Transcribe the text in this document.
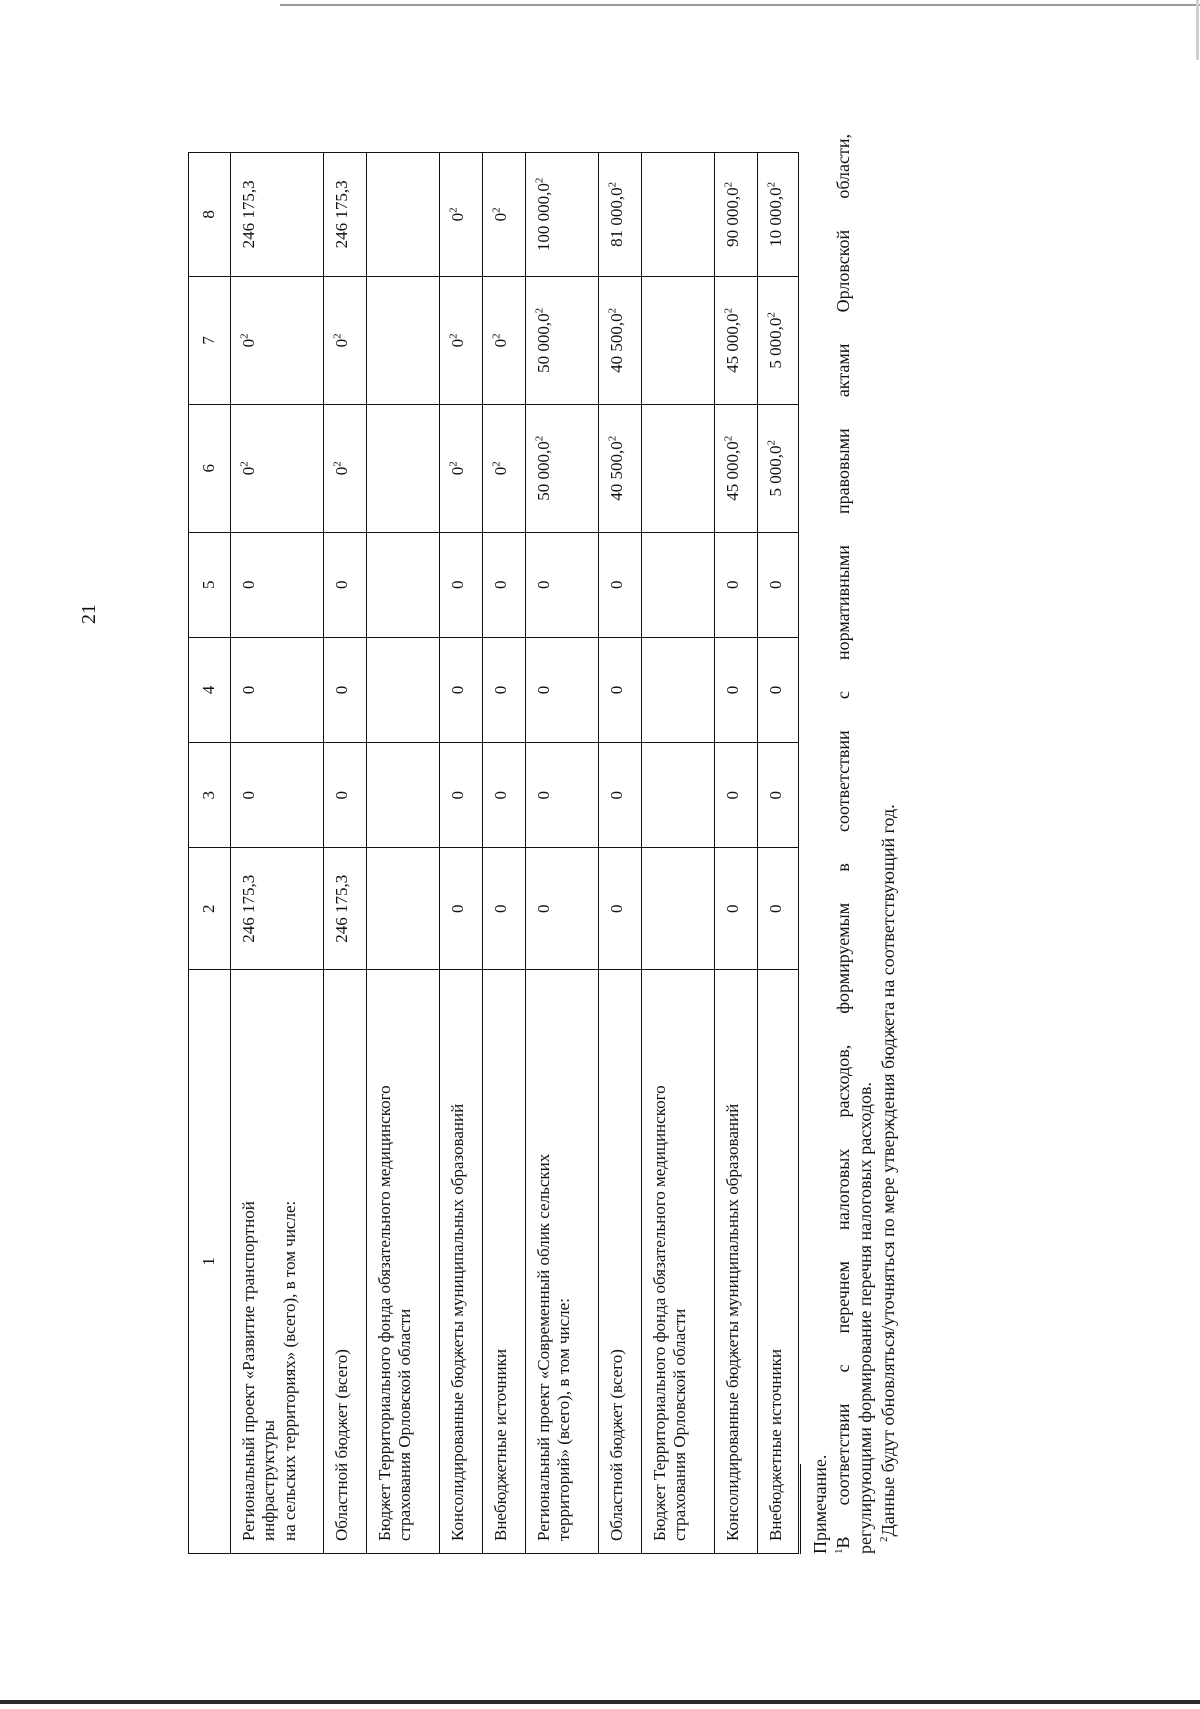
21
1	2	3	4	5	6	7	8

Региональный проект «Развитие транспортной инфраструктуры на сельских территориях» (всего), в том числе:	246 175,3	0	0	0	$0^2$	$0^2$	246 175,3

Областной бюджет (всего)	246 175,3	0	0	0	$0^2$	$0^2$	246 175,3

Бюджет Территориального фонда обязательного медицинского страхования Орловской области							

Консолидированные бюджеты муниципальных образований	0	0	0	0	$0^2$	$0^2$	$0^2$

Внебюджетные источники	0	0	0	0	$0^2$	$0^2$	$0^2$

Региональный проект «Современный облик сельских территорий» (всего), в том числе:	0	0	0	0	50 000,0$^2$	50 000,0$^2$	100 000,0$^2$

Областной бюджет (всего)	0	0	0	0	40 500,0$^2$	40 500,0$^2$	81 000,0$^2$

Бюджет Территориального фонда обязательного медицинского страхования Орловской области							

Консолидированные бюджеты муниципальных образований	0	0	0	0	45 000,0$^2$	45 000,0$^2$	90 000,0$^2$

Внебюджетные источники	0	0	0	0	5 000,0$^2$	5 000,0$^2$	10 000,0$^2$

Примечание. $^1$В соответствии с перечнем налоговых расходов, формируемым в соответствии с нормативными правовыми актами Орловской области, регулирующими формирование перечня налоговых расходов. $^2$Данные будут обновляться/уточняться по мере утверждения бюджета на соответствующий год.
